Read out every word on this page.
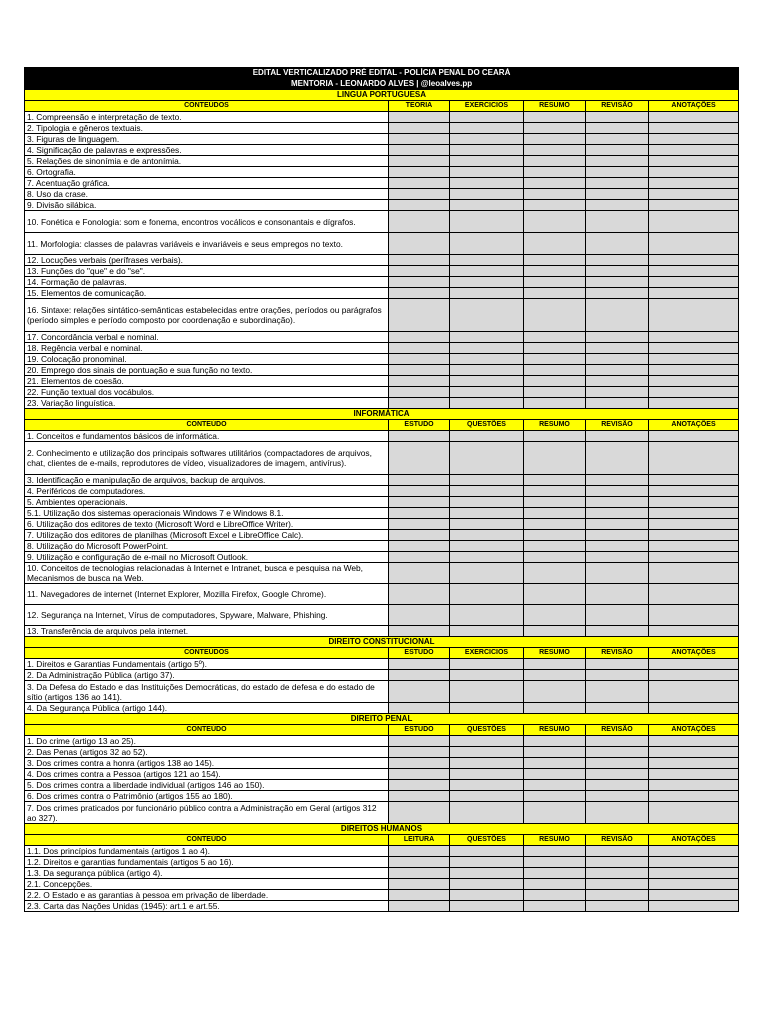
EDITAL VERTICALIZADO PRÉ EDITAL - POLÍCIA PENAL DO CEARÁ					
MENTORIA - LEONARDO ALVES | @leoalves.pp					
LINGUA PORTUGUESA					
CONTEÚDOS	TEORIA	EXERCICIOS	RESUMO	REVISÃO	ANOTAÇÕES
1. Compreensão e interpretação de texto.					
2. Tipologia e gêneros textuais.					
3. Figuras de linguagem.					
4. Significação de palavras e expressões.					
5. Relações de sinonímia e de antonímia.					
6. Ortografia.					
7. Acentuação gráfica.					
8. Uso da crase.					
9. Divisão silábica.					
10. Fonética e Fonologia: som e fonema, encontros vocálicos e consonantais e dígrafos.					
11. Morfologia: classes de palavras variáveis e invariáveis e seus empregos no texto.					
12. Locuções verbais (perífrases verbais).					
13. Funções do "que" e do "se".					
14. Formação de palavras.					
15. Elementos de comunicação.					
16. Sintaxe: relações sintático-semânticas estabelecidas entre orações, períodos ou parágrafos (período simples e período composto por coordenação e subordinação).					
17. Concordância verbal e nominal.					
18. Regência verbal e nominal.					
19. Colocação pronominal.					
20. Emprego dos sinais de pontuação e sua função no texto.					
21. Elementos de coesão.					
22. Função textual dos vocábulos.					
23. Variação linguística.					
INFORMÁTICA					
CONTEÚDO	ESTUDO	QUESTÕES	RESUMO	REVISÃO	ANOTAÇÕES
1. Conceitos e fundamentos básicos de informática.					
2. Conhecimento e utilização dos principais softwares utilitários (compactadores de arquivos, chat, clientes de e-mails, reprodutores de vídeo, visualizadores de imagem, antivírus).					
3. Identificação e manipulação de arquivos, backup de arquivos.					
4. Periféricos de computadores.					
5. Ambientes operacionais.					
5.1. Utilização dos sistemas operacionais Windows 7 e Windows 8.1.					
6. Utilização dos editores de texto (Microsoft Word e LibreOffice Writer).					
7. Utilização dos editores de planilhas (Microsoft Excel e LibreOffice Calc).					
8. Utilização do Microsoft PowerPoint.					
9. Utilização e configuração de e-mail no Microsoft Outlook.					
10. Conceitos de tecnologias relacionadas à Internet e Intranet, busca e pesquisa na Web, Mecanismos de busca na Web.					
11. Navegadores de internet (Internet Explorer, Mozilla Firefox, Google Chrome).					
12. Segurança na Internet, Vírus de computadores, Spyware, Malware, Phishing.					
13. Transferência de arquivos pela internet.					
DIREITO CONSTITUCIONAL					
CONTEÚDOS	ESTUDO	EXERCICIOS	RESUMO	REVISÃO	ANOTAÇÕES
1. Direitos e Garantias Fundamentais (artigo 5º).					
2. Da Administração Pública (artigo 37).					
3. Da Defesa do Estado e das Instituições Democráticas, do estado de defesa e do estado de sítio (artigos 136 ao 141).					
4. Da Segurança Pública (artigo 144).					
DIREITO PENAL					
CONTEÚDO	ESTUDO	QUESTÕES	RESUMO	REVISÃO	ANOTAÇÕES
1. Do crime (artigo 13 ao 25).					
2. Das Penas (artigos 32 ao 52).					
3. Dos crimes contra a honra (artigos 138 ao 145).					
4. Dos crimes contra a Pessoa (artigos 121 ao 154).					
5. Dos crimes contra a liberdade individual (artigos 146 ao 150).					
6. Dos crimes contra o Patrimônio (artigos 155 ao 180).					
7. Dos crimes praticados por funcionário público contra a Administração em Geral (artigos 312 ao 327).					
DIREITOS HUMANOS					
CONTEÚDO	LEITURA	QUESTÕES	RESUMO	REVISÃO	ANOTAÇÕES
1.1. Dos princípios fundamentais (artigos 1 ao 4).					
1.2. Direitos e garantias fundamentais (artigos 5 ao 16).					
1.3. Da segurança pública (artigo 4).					
2.1. Concepções.					
2.2. O Estado e as garantias à pessoa em privação de liberdade.					
2.3. Carta das Nações Unidas (1945): art.1 e art.55.					
